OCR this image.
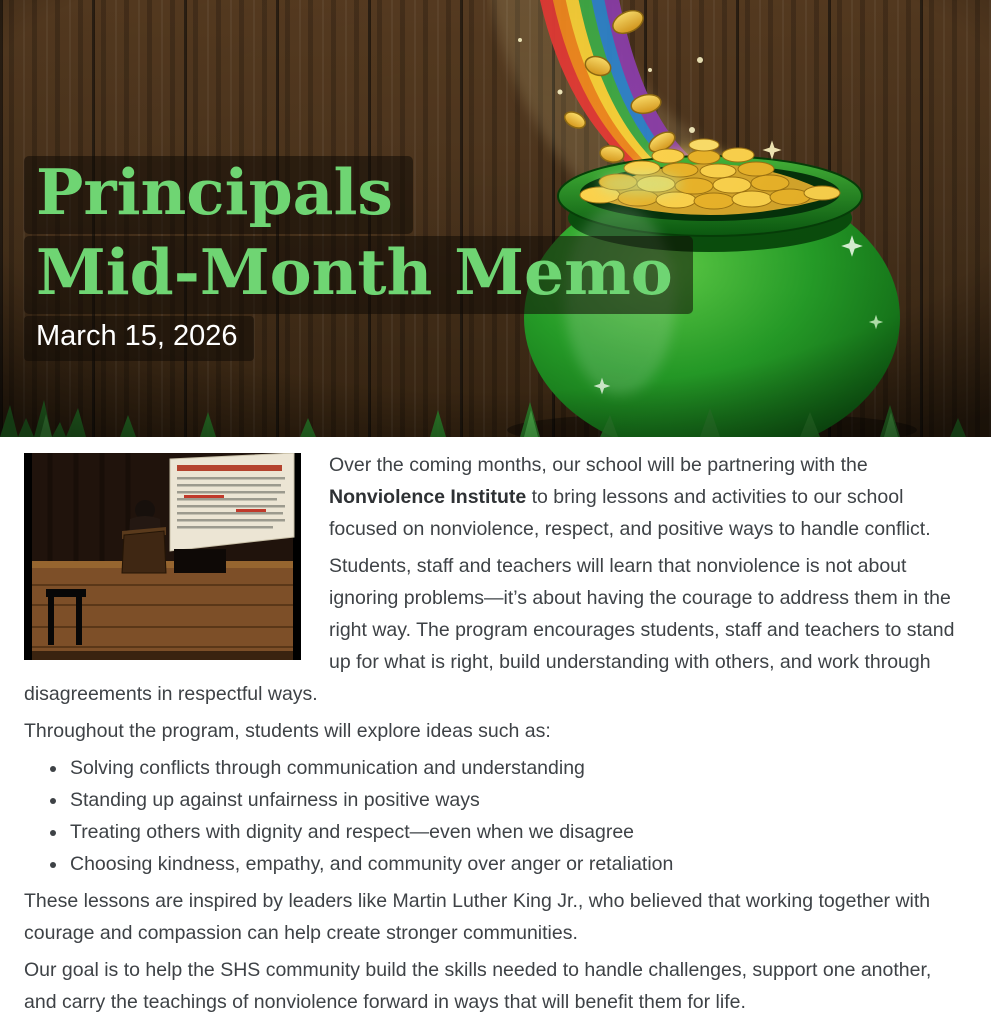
Principals
Mid-Month Memo
March 15, 2026

Over the coming months, our school will be partnering with the Nonviolence Institute to bring lessons and activities to our school focused on nonviolence, respect, and positive ways to handle conflict.

Students, staff and teachers will learn that nonviolence is not about ignoring problems—it’s about having the courage to address them in the right way. The program encourages students, staff and teachers to stand up for what is right, build understanding with others, and work through disagreements in respectful ways.

Throughout the program, students will explore ideas such as:

• Solving conflicts through communication and understanding
• Standing up against unfairness in positive ways
• Treating others with dignity and respect—even when we disagree
• Choosing kindness, empathy, and community over anger or retaliation

These lessons are inspired by leaders like Martin Luther King Jr., who believed that working together with courage and compassion can help create stronger communities.

Our goal is to help the SHS community build the skills needed to handle challenges, support one another, and carry the teachings of nonviolence forward in ways that will benefit them for life.
